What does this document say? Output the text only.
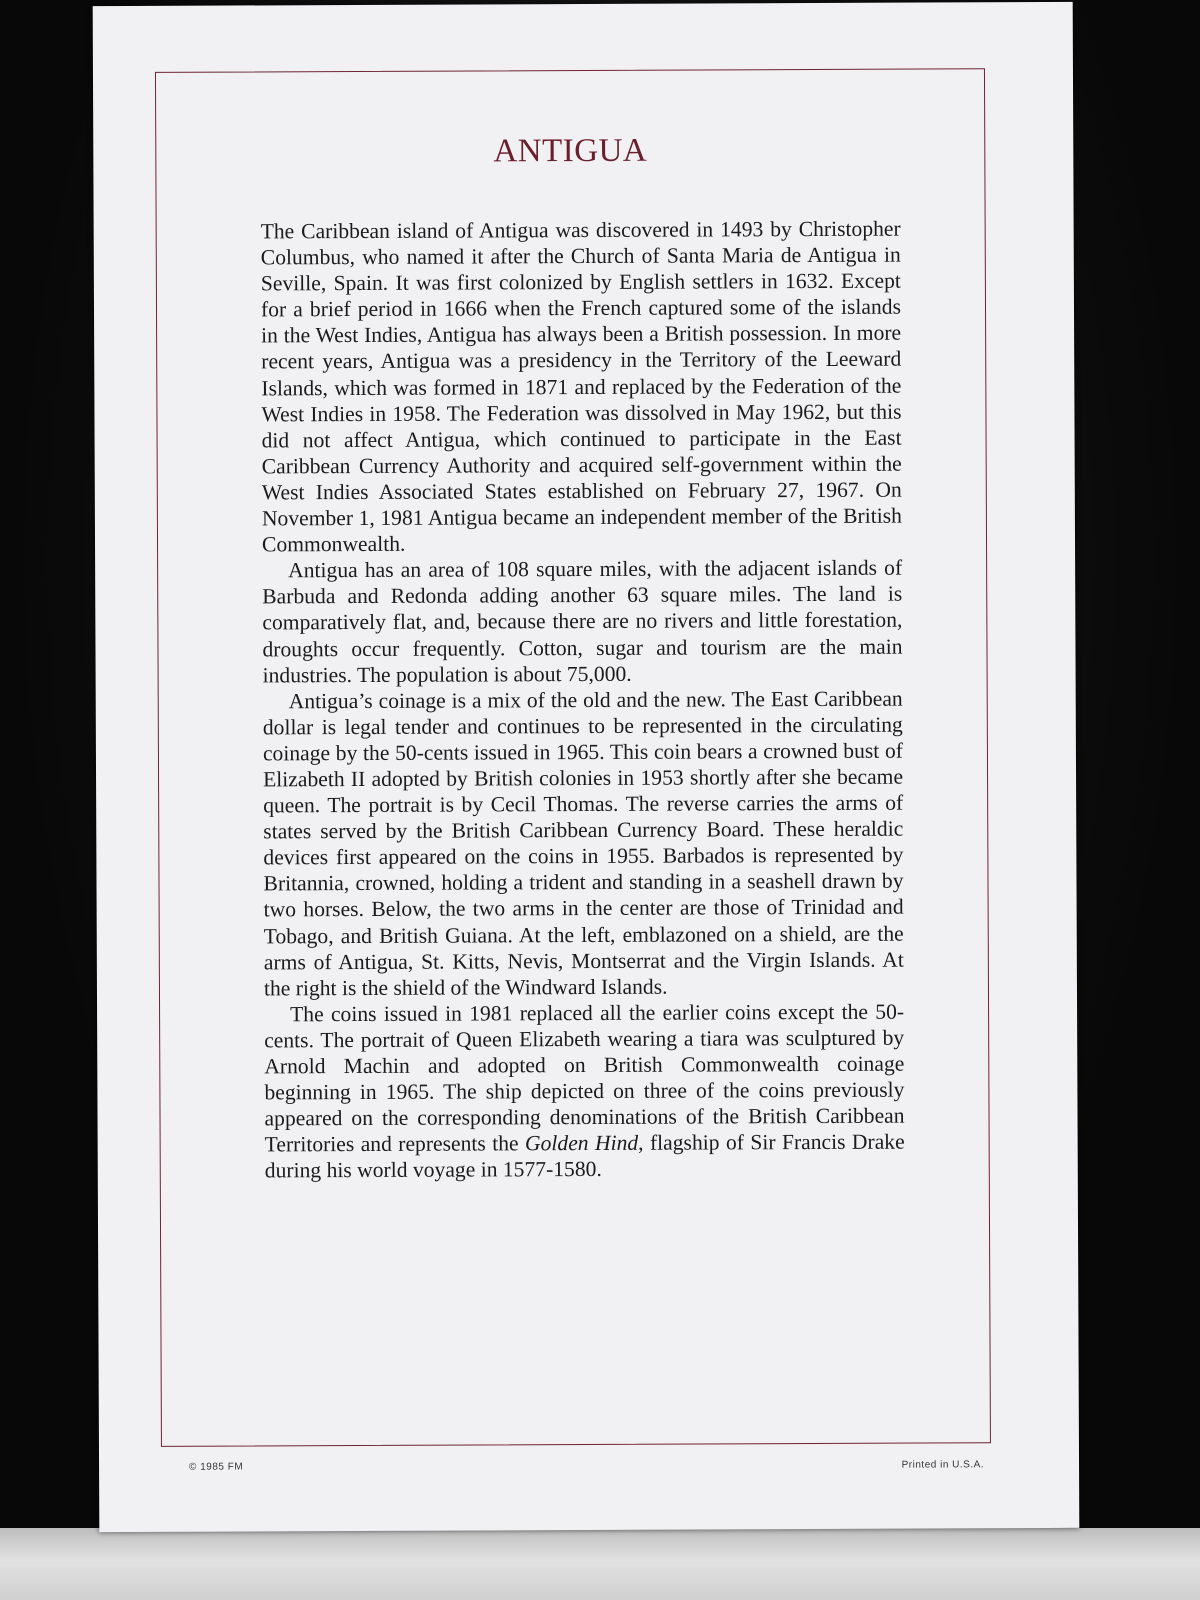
ANTIGUA

The Caribbean island of Antigua was discovered in 1493 by Christopher Columbus, who named it after the Church of Santa Maria de Antigua in Seville, Spain. It was first colonized by English settlers in 1632. Except for a brief period in 1666 when the French captured some of the islands in the West Indies, Antigua has always been a British possession. In more recent years, Antigua was a presidency in the Territory of the Leeward Islands, which was formed in 1871 and replaced by the Federation of the West Indies in 1958. The Federation was dissolved in May 1962, but this did not affect Antigua, which continued to participate in the East Caribbean Currency Authority and acquired self-government within the West Indies Associated States established on February 27, 1967. On November 1, 1981 Antigua became an independent member of the British Commonwealth.

Antigua has an area of 108 square miles, with the adjacent islands of Barbuda and Redonda adding another 63 square miles. The land is comparatively flat, and, because there are no rivers and little forestation, droughts occur frequently. Cotton, sugar and tourism are the main industries. The population is about 75,000.

Antigua’s coinage is a mix of the old and the new. The East Caribbean dollar is legal tender and continues to be represented in the circulating coinage by the 50-cents issued in 1965. This coin bears a crowned bust of Elizabeth II adopted by British colonies in 1953 shortly after she became queen. The portrait is by Cecil Thomas. The reverse carries the arms of states served by the British Caribbean Currency Board. These heraldic devices first appeared on the coins in 1955. Barbados is represented by Britannia, crowned, holding a trident and standing in a seashell drawn by two horses. Below, the two arms in the center are those of Trinidad and Tobago, and British Guiana. At the left, emblazoned on a shield, are the arms of Antigua, St. Kitts, Nevis, Montserrat and the Virgin Islands. At the right is the shield of the Windward Islands.

The coins issued in 1981 replaced all the earlier coins except the 50-cents. The portrait of Queen Elizabeth wearing a tiara was sculptured by Arnold Machin and adopted on British Commonwealth coinage beginning in 1965. The ship depicted on three of the coins previously appeared on the corresponding denominations of the British Caribbean Territories and represents the Golden Hind, flagship of Sir Francis Drake during his world voyage in 1577-1580.

© 1985 FM	Printed in U.S.A.
